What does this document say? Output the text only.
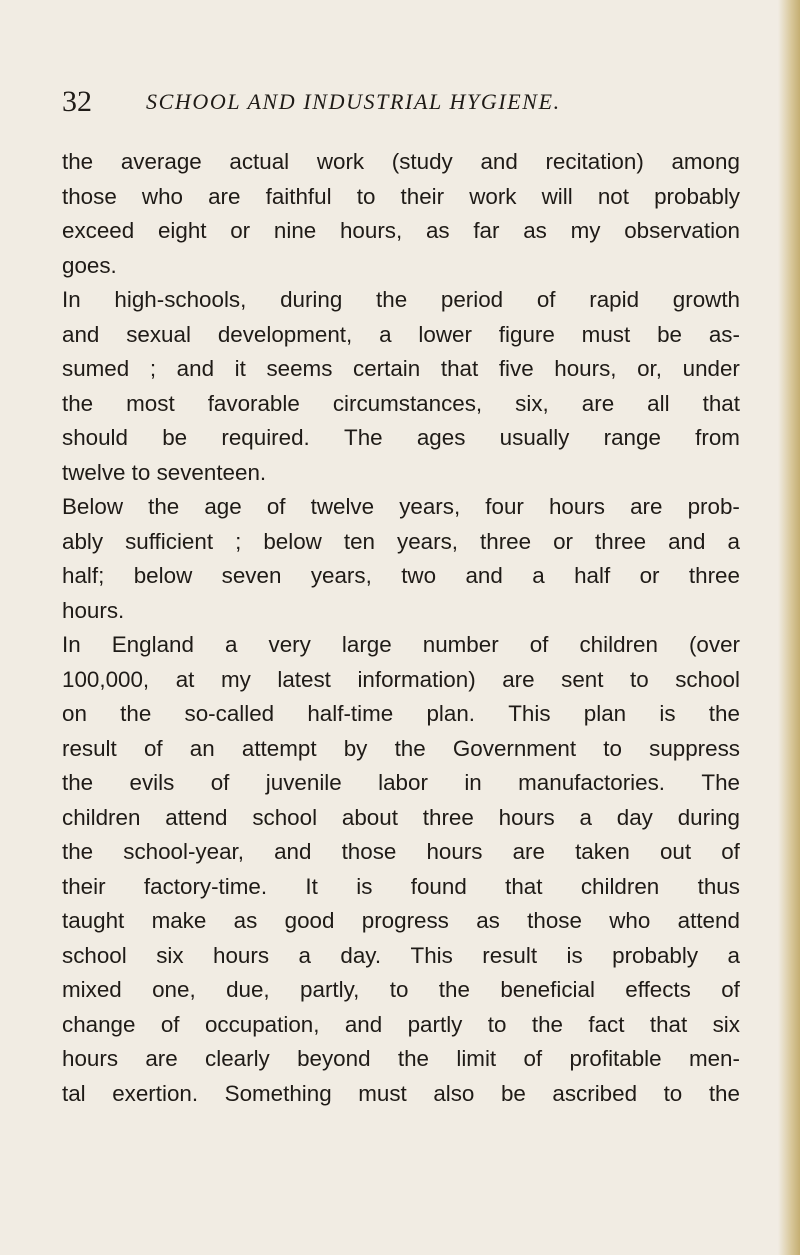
32 SCHOOL AND INDUSTRIAL HYGIENE.
the average actual work (study and recitation) among
those who are faithful to their work will not probably
exceed eight or nine hours, as far as my observation
goes.
In high-schools, during the period of rapid growth
and sexual development, a lower figure must be as-
sumed ; and it seems certain that five hours, or, under
the most favorable circumstances, six, are all that
should be required. The ages usually range from
twelve to seventeen.
Below the age of twelve years, four hours are prob-
ably sufficient ; below ten years, three or three and a
half; below seven years, two and a half or three
hours.
In England a very large number of children (over
100,000, at my latest information) are sent to school
on the so-called half-time plan. This plan is the
result of an attempt by the Government to suppress
the evils of juvenile labor in manufactories. The
children attend school about three hours a day during
the school-year, and those hours are taken out of
their factory-time. It is found that children thus
taught make as good progress as those who attend
school six hours a day. This result is probably a
mixed one, due, partly, to the beneficial effects of
change of occupation, and partly to the fact that six
hours are clearly beyond the limit of profitable men-
tal exertion. Something must also be ascribed to the
